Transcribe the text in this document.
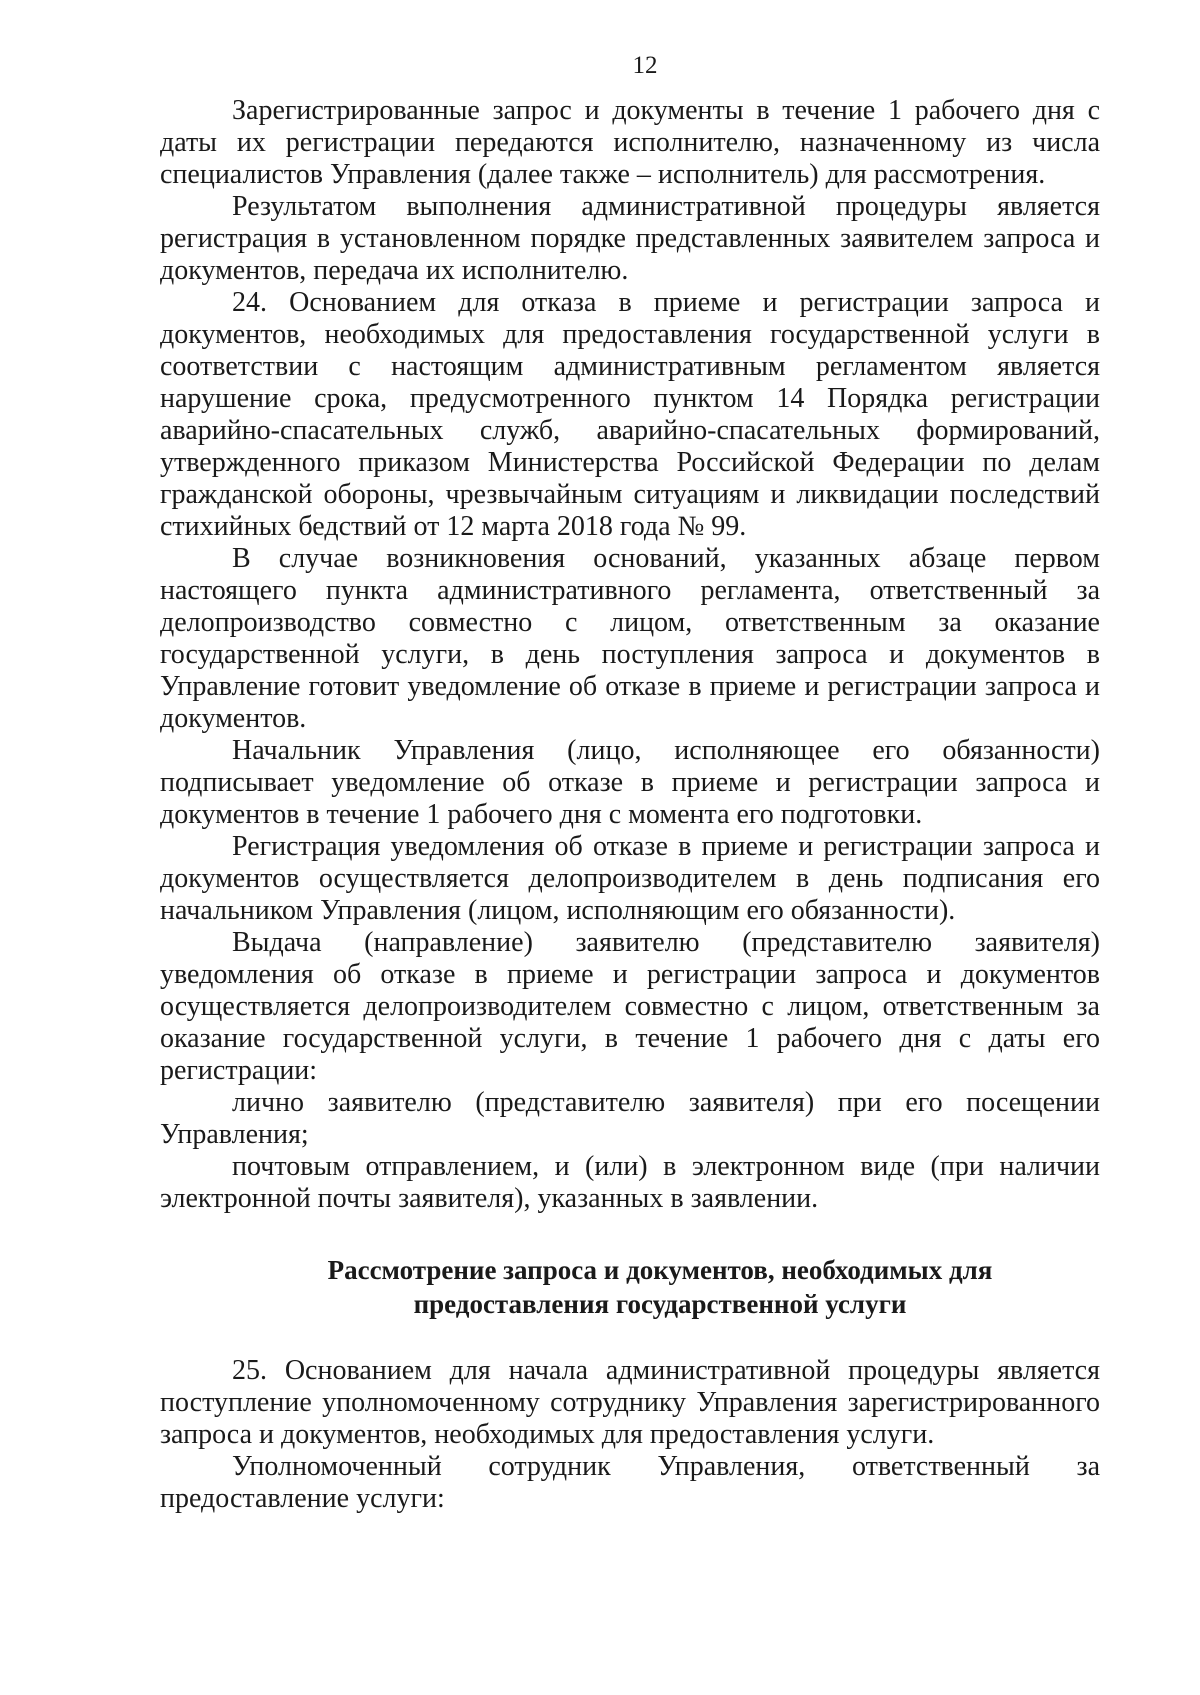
12

Зарегистрированные запрос и документы в течение 1 рабочего дня с даты их регистрации передаются исполнителю, назначенному из числа специалистов Управления (далее также – исполнитель) для рассмотрения.

Результатом выполнения административной процедуры является регистрация в установленном порядке представленных заявителем запроса и документов, передача их исполнителю.

24. Основанием для отказа в приеме и регистрации запроса и документов, необходимых для предоставления государственной услуги в соответствии с настоящим административным регламентом является нарушение срока, предусмотренного пунктом 14 Порядка регистрации аварийно-спасательных служб, аварийно-спасательных формирований, утвержденного приказом Министерства Российской Федерации по делам гражданской обороны, чрезвычайным ситуациям и ликвидации последствий стихийных бедствий от 12 марта 2018 года № 99.

В случае возникновения оснований, указанных абзаце первом настоящего пункта административного регламента, ответственный за делопроизводство совместно с лицом, ответственным за оказание государственной услуги, в день поступления запроса и документов в Управление готовит уведомление об отказе в приеме и регистрации запроса и документов.

Начальник Управления (лицо, исполняющее его обязанности) подписывает уведомление об отказе в приеме и регистрации запроса и документов в течение 1 рабочего дня с момента его подготовки.

Регистрация уведомления об отказе в приеме и регистрации запроса и документов осуществляется делопроизводителем в день подписания его начальником Управления (лицом, исполняющим его обязанности).

Выдача (направление) заявителю (представителю заявителя) уведомления об отказе в приеме и регистрации запроса и документов осуществляется делопроизводителем совместно с лицом, ответственным за оказание государственной услуги, в течение 1 рабочего дня с даты его регистрации:

лично заявителю (представителю заявителя) при его посещении Управления;

почтовым отправлением, и (или) в электронном виде (при наличии электронной почты заявителя), указанных в заявлении.

Рассмотрение запроса и документов, необходимых для
предоставления государственной услуги

25. Основанием для начала административной процедуры является поступление уполномоченному сотруднику Управления зарегистрированного запроса и документов, необходимых для предоставления услуги.

Уполномоченный сотрудник Управления, ответственный за предоставление услуги:
